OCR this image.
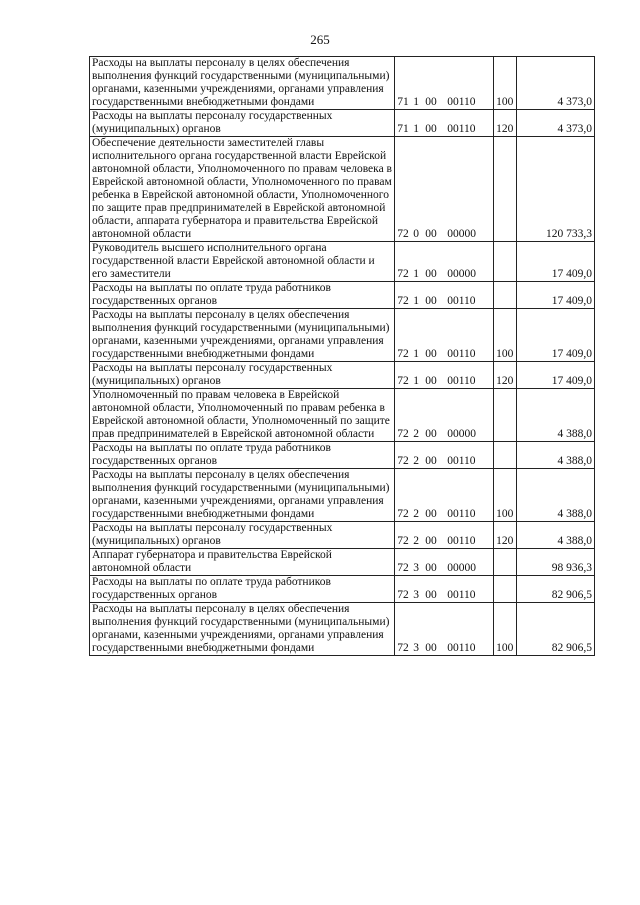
265
Расходы на выплаты персоналу в целях обеспечения выполнения функций государственными (муниципальными) органами, казенными учреждениями, органами управления государственными внебюджетными фондами	71 1 00 00110	100	4 373,0
Расходы на выплаты персоналу государственных (муниципальных) органов	71 1 00 00110	120	4 373,0
Обеспечение деятельности заместителей главы исполнительного органа государственной власти Еврейской автономной области, Уполномоченного по правам человека в Еврейской автономной области, Уполномоченного по правам ребенка в Еврейской автономной области, Уполномоченного по защите прав предпринимателей в Еврейской автономной области, аппарата губернатора и правительства Еврейской автономной области	72 0 00 00000		120 733,3
Руководитель высшего исполнительного органа государственной власти Еврейской автономной области и его заместители	72 1 00 00000		17 409,0
Расходы на выплаты по оплате труда работников государственных органов	72 1 00 00110		17 409,0
Расходы на выплаты персоналу в целях обеспечения выполнения функций государственными (муниципальными) органами, казенными учреждениями, органами управления государственными внебюджетными фондами	72 1 00 00110	100	17 409,0
Расходы на выплаты персоналу государственных (муниципальных) органов	72 1 00 00110	120	17 409,0
Уполномоченный по правам человека в Еврейской автономной области, Уполномоченный по правам ребенка в Еврейской автономной области, Уполномоченный по защите прав предпринимателей в Еврейской автономной области	72 2 00 00000		4 388,0
Расходы на выплаты по оплате труда работников государственных органов	72 2 00 00110		4 388,0
Расходы на выплаты персоналу в целях обеспечения выполнения функций государственными (муниципальными) органами, казенными учреждениями, органами управления государственными внебюджетными фондами	72 2 00 00110	100	4 388,0
Расходы на выплаты персоналу государственных (муниципальных) органов	72 2 00 00110	120	4 388,0
Аппарат губернатора и правительства Еврейской автономной области	72 3 00 00000		98 936,3
Расходы на выплаты по оплате труда работников государственных органов	72 3 00 00110		82 906,5
Расходы на выплаты персоналу в целях обеспечения выполнения функций государственными (муниципальными) органами, казенными учреждениями, органами управления государственными внебюджетными фондами	72 3 00 00110	100	82 906,5
